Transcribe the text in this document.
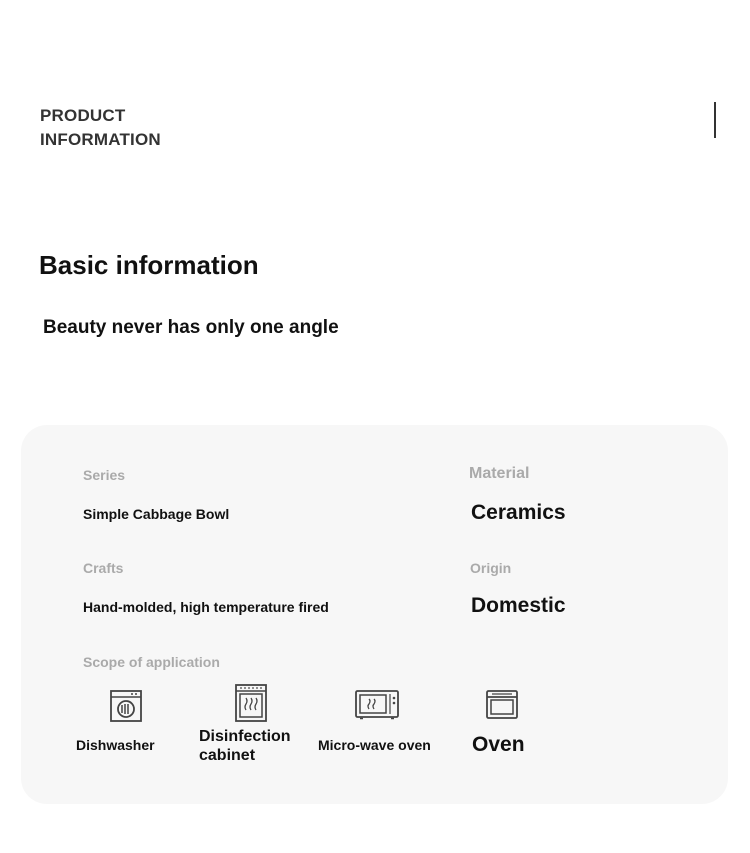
PRODUCT
INFORMATION
Basic information
Beauty never has only one angle
Series
Simple Cabbage Bowl
Material
Ceramics
Crafts
Hand-molded, high temperature fired
Origin
Domestic
Scope of application
Dishwasher	Disinfection
cabinet
Micro-wave oven Oven
